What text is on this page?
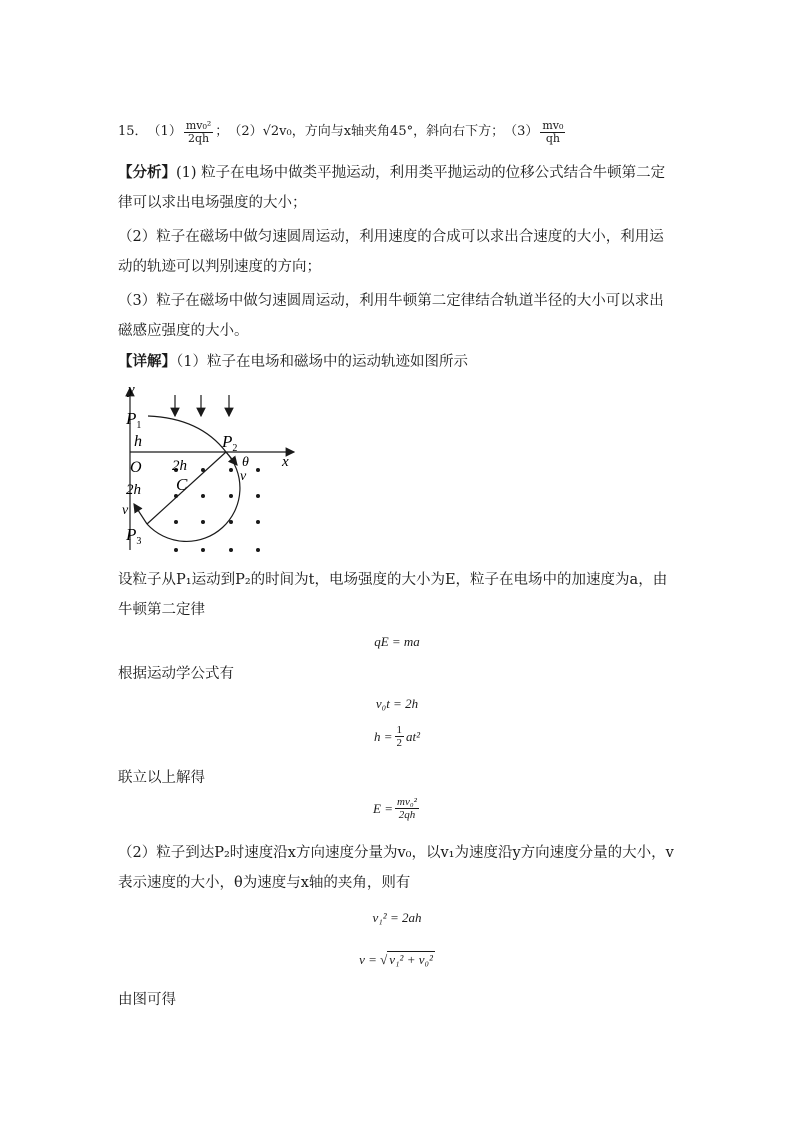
15． $(1) \frac{\text{mv₀²}}{2qh}$ ； （2） √2v₀ ，方向与x轴夹角45°，斜向右下方； $(3) \frac{\text{mv₀}}{qh}$
【分析】(1) 粒子在电场中做类平抛运动，利用类平抛运动的位移公式结合牛顿第二定律可以求出电场强度的大小；
（2）粒子在磁场中做匀速圆周运动，利用速度的合成可以求出合速度的大小，利用运动的轨迹可以判别速度的方向；
（3）粒子在磁场中做匀速圆周运动，利用牛顿第二定律结合轨道半径的大小可以求出磁感应强度的大小。
【详解】（1）粒子在电场和磁场中的运动轨迹如图所示
y
x
O
$P_1$
$P_2$
$P_3$
h
2h
2h C
θ
v
v
设粒子从P₁运动到P₂的时间为t，电场强度的大小为E，粒子在电场中的加速度为a，由牛顿第二定律
qE = ma
根据运动学公式有
v₀t = 2h
$h = \frac{1}{2} at^2$
联立以上解得
$E = \frac{\text{mv₀²}}{2qh}$
（2）粒子到达P₂时速度沿x方向速度分量为v₀，以v₁为速度沿y方向速度分量的大小，v表示速度的大小，θ为速度与x轴的夹角，则有
v₁² = 2ah
v = √ v₁² + v₀²
由图可得
